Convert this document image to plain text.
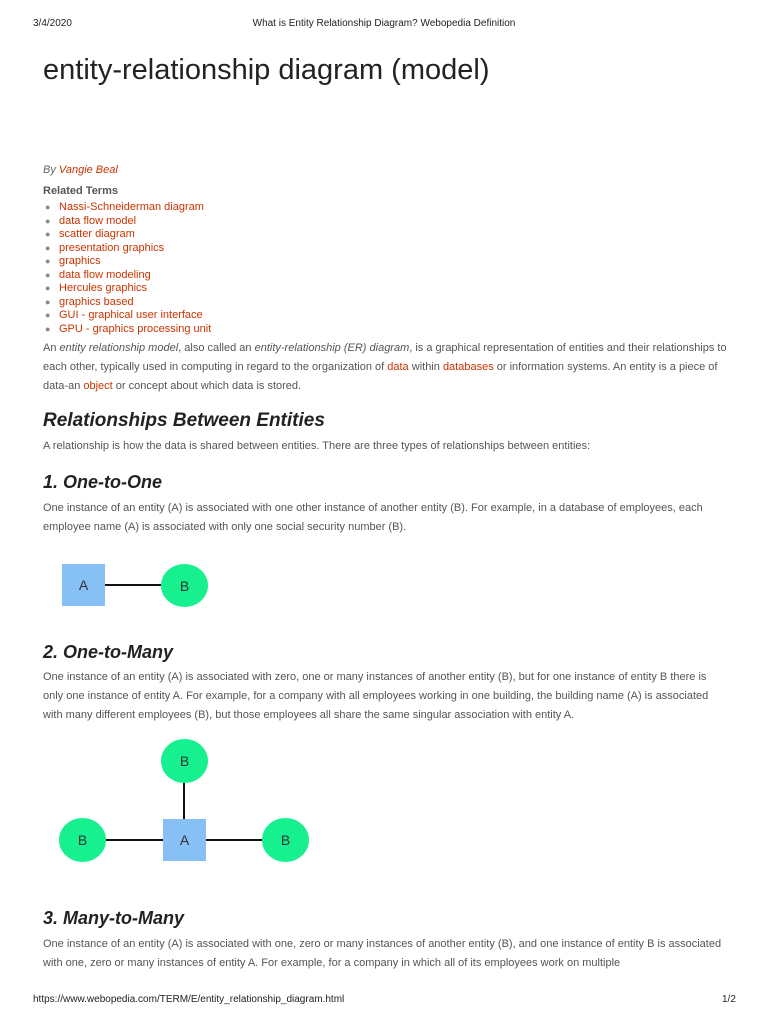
3/4/2020	What is Entity Relationship Diagram? Webopedia Definition
entity-relationship diagram (model)
By Vangie Beal
Related Terms
● Nassi-Schneiderman diagram
● data flow model
● scatter diagram
● presentation graphics
● graphics
● data flow modeling
● Hercules graphics
● graphics based
● GUI - graphical user interface
● GPU - graphics processing unit

An entity relationship model, also called an entity-relationship (ER) diagram, is a graphical representation of entities and their relationships to each other, typically used in computing in regard to the organization of data within databases or information systems. An entity is a piece of data-an object or concept about which data is stored.

Relationships Between Entities

A relationship is how the data is shared between entities. There are three types of relationships between entities:

1. One-to-One

One instance of an entity (A) is associated with one other instance of another entity (B). For example, in a database of employees, each employee name (A) is associated with only one social security number (B).

A	B
2. One-to-Many

One instance of an entity (A) is associated with zero, one or many instances of another entity (B), but for one instance of entity B there is only one instance of entity A. For example, for a company with all employees working in one building, the building name (A) is associated with many different employees (B), but those employees all share the same singular association with entity A.

B
A
B	B
3. Many-to-Many

One instance of an entity (A) is associated with one, zero or many instances of another entity (B), and one instance of entity B is associated with one, zero or many instances of entity A. For example, for a company in which all of its employees work on multiple

https://www.webopedia.com/TERM/E/entity_relationship_diagram.html	1/2
